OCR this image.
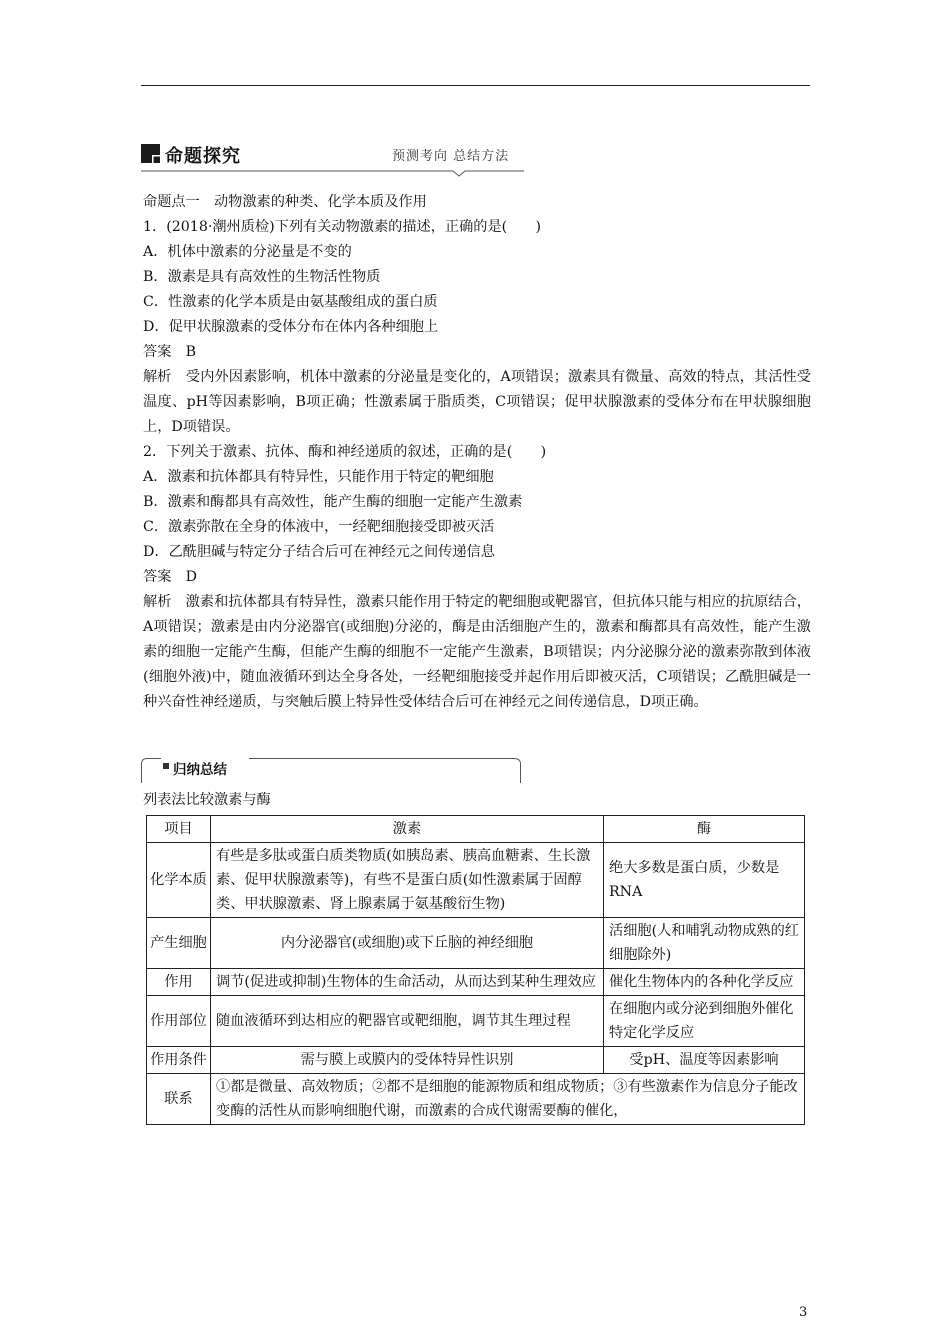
命题探究	预测考向 总结方法

命题点一　动物激素的种类、化学本质及作用

1．(2018·潮州质检)下列有关动物激素的描述，正确的是(　　)

A．机体中激素的分泌量是不变的

B．激素是具有高效性的生物活性物质

C．性激素的化学本质是由氨基酸组成的蛋白质

D．促甲状腺激素的受体分布在体内各种细胞上

答案　B

解析　受内外因素影响，机体中激素的分泌量是变化的，A项错误；激素具有微量、高效的特点，其活性受温度、pH等因素影响，B项正确；性激素属于脂质类，C项错误；促甲状腺激素的受体分布在甲状腺细胞上，D项错误。

2．下列关于激素、抗体、酶和神经递质的叙述，正确的是(　　)

A．激素和抗体都具有特异性，只能作用于特定的靶细胞

B．激素和酶都具有高效性，能产生酶的细胞一定能产生激素

C．激素弥散在全身的体液中，一经靶细胞接受即被灭活

D．乙酰胆碱与特定分子结合后可在神经元之间传递信息

答案　D

解析　激素和抗体都具有特异性，激素只能作用于特定的靶细胞或靶器官，但抗体只能与相应的抗原结合，A项错误；激素是由内分泌器官(或细胞)分泌的，酶是由活细胞产生的，激素和酶都具有高效性，能产生激素的细胞一定能产生酶，但能产生酶的细胞不一定能产生激素，B项错误；内分泌腺分泌的激素弥散到体液(细胞外液)中，随血液循环到达全身各处，一经靶细胞接受并起作用后即被灭活，C项错误；乙酰胆碱是一种兴奋性神经递质，与突触后膜上特异性受体结合后可在神经元之间传递信息，D项正确。

归纳总结
列表法比较激素与酶
项目	激素	酶
化学本质	有些是多肽或蛋白质类物质(如胰岛素、胰高血糖素、生长激素、促甲状腺激素等)，有些不是蛋白质(如性激素属于固醇类、甲状腺激素、肾上腺素属于氨基酸衍生物)	绝大多数是蛋白质，少数是RNA
产生细胞	内分泌器官(或细胞)或下丘脑的神经细胞	活细胞(人和哺乳动物成熟的红细胞除外)
作用	调节(促进或抑制)生物体的生命活动，从而达到某种生理效应	催化生物体内的各种化学反应
作用部位	随血液循环到达相应的靶器官或靶细胞，调节其生理过程	在细胞内或分泌到细胞外催化特定化学反应
作用条件	需与膜上或膜内的受体特异性识别	受pH、温度等因素影响
联系	①都是微量、高效物质；②都不是细胞的能源物质和组成物质；③有些激素作为信息分子能改变酶的活性从而影响细胞代谢，而激素的合成代谢需要酶的催化，	
3
